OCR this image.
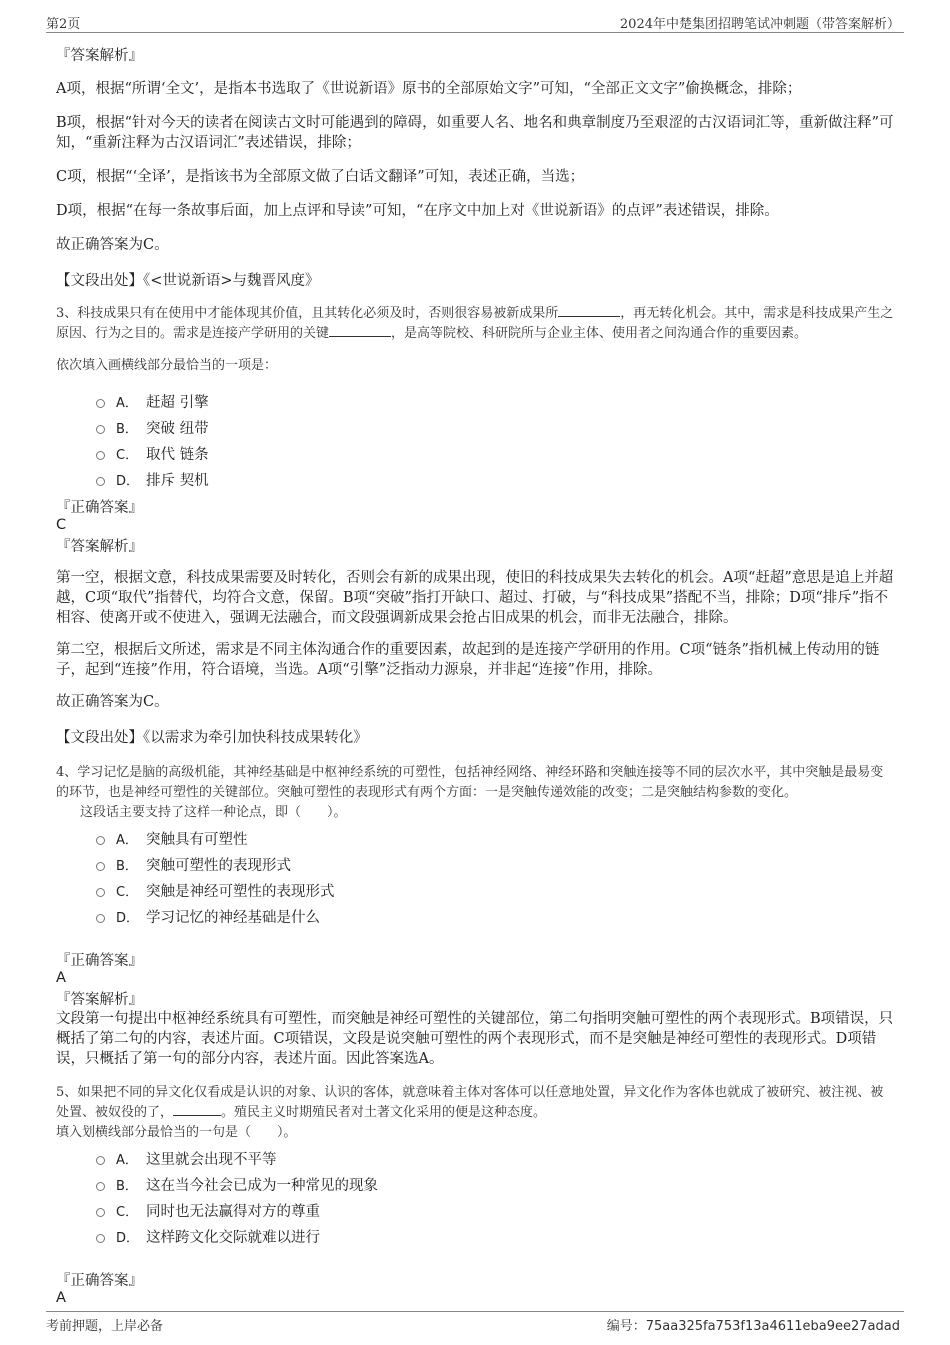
第2页	2024年中楚集团招聘笔试冲刺题（带答案解析）
『答案解析』

A项，根据“所谓‘全文’，是指本书选取了《世说新语》原书的全部原始文字”可知，“全部正文文字”偷换概念，排除；

B项，根据“针对今天的读者在阅读古文时可能遇到的障碍，如重要人名、地名和典章制度乃至艰涩的古汉语词汇等，重新做注释”可知，“重新注释为古汉语词汇”表述错误，排除；

C项，根据“‘全译’，是指该书为全部原文做了白话文翻译”可知，表述正确，当选；

D项，根据“在每一条故事后面，加上点评和导读”可知，“在序文中加上对《世说新语》的点评”表述错误，排除。

故正确答案为C。

【文段出处】《<世说新语>与魏晋风度》

3、科技成果只有在使用中才能体现其价值，且其转化必须及时，否则很容易被新成果所	，再无转化机会。其中，需求是科技成果产生之原因、行为之目的。需求是连接产学研用的关键	，是高等院校、科研院所与企业主体、使用者之间沟通合作的重要因素。
依次填入画横线部分最恰当的一项是：
A． 赶超 引擎
B． 突破 纽带
C． 取代 链条
D． 排斥 契机
『正确答案』
C
『答案解析』

第一空，根据文意，科技成果需要及时转化，否则会有新的成果出现，使旧的科技成果失去转化的机会。A项“赶超”意思是追上并超越，C项“取代”指替代，均符合文意，保留。B项“突破”指打开缺口、超过、打破，与“科技成果”搭配不当，排除；D项“排斥”指不相容、使离开或不使进入，强调无法融合，而文段强调新成果会抢占旧成果的机会，而非无法融合，排除。

第二空，根据后文所述，需求是不同主体沟通合作的重要因素，故起到的是连接产学研用的作用。C项“链条”指机械上传动用的链子，起到“连接”作用，符合语境，当选。A项“引擎”泛指动力源泉，并非起“连接”作用，排除。

故正确答案为C。

【文段出处】《以需求为牵引加快科技成果转化》

4、学习记忆是脑的高级机能，其神经基础是中枢神经系统的可塑性，包括神经网络、神经环路和突触连接等不同的层次水平，其中突触是最易变的环节，也是神经可塑性的关键部位。突触可塑性的表现形式有两个方面：一是突触传递效能的改变；二是突触结构参数的变化。
这段话主要支持了这样一种论点，即（　　）。
A． 突触具有可塑性
B． 突触可塑性的表现形式
C． 突触是神经可塑性的表现形式
D． 学习记忆的神经基础是什么
『正确答案』
A
『答案解析』

文段第一句提出中枢神经系统具有可塑性，而突触是神经可塑性的关键部位，第二句指明突触可塑性的两个表现形式。B项错误，只概括了第二句的内容，表述片面。C项错误，文段是说突触可塑性的两个表现形式，而不是突触是神经可塑性的表现形式。D项错误，只概括了第一句的部分内容，表述片面。因此答案选A。

5、如果把不同的异文化仅看成是认识的对象、认识的客体，就意味着主体对客体可以任意地处置，异文化作为客体也就成了被研究、被注视、被处置、被奴役的了，	。殖民主义时期殖民者对土著文化采用的便是这种态度。
填入划横线部分最恰当的一句是（　　）。
A． 这里就会出现不平等
B． 这在当今社会已成为一种常见的现象
C． 同时也无法赢得对方的尊重
D． 这样跨文化交际就难以进行
『正确答案』
A
考前押题，上岸必备	编号：75aa325fa753f13a4611eba9ee27adad
